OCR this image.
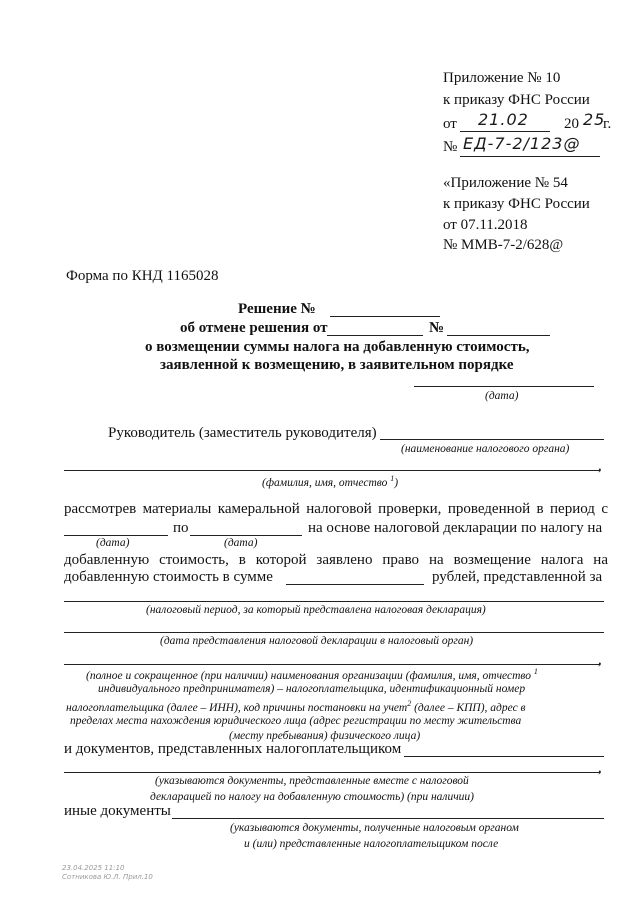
Приложение № 10
к приказу ФНС России
от 21.02 20 25
г.
№ ЕД-7-2/123@
«Приложение № 54
к приказу ФНС России
от 07.11.2018
№ ММВ-7-2/628@
Форма по КНД 1165028
Решение №
об отмене решения от	№
о возмещении суммы налога на добавленную стоимость,
заявленной к возмещению, в заявительном порядке
(дата)
Руководитель (заместитель руководителя)
(наименование налогового органа)
,
(фамилия, имя, отчество $^1$)
рассмотрев материалы камеральной налоговой проверки, проведенной в период с
по	на основе налоговой декларации по налогу на
(дата)	(дата)
добавленную стоимость, в которой заявлено право на возмещение налога на
добавленную стоимость в сумме	рублей, представленной за
(налоговый период, за который представлена налоговая декларация)
(дата представления налоговой декларации в налоговый орган)
,
(полное и сокращенное (при наличии) наименования организации (фамилия, имя, отчество $^1$
индивидуального предпринимателя) – налогоплательщика, идентификационный номер
налогоплательщика (далее – ИНН), код причины постановки на учет$^2$ (далее – КПП), адрес в
пределах места нахождения юридического лица (адрес регистрации по месту жительства
(месту пребывания) физического лица)
и документов, представленных налогоплательщиком
,
(указываются документы, представленные вместе с налоговой
декларацией по налогу на добавленную стоимость) (при наличии)
иные документы
(указываются документы, полученные налоговым органом
и (или) представленные налогоплательщиком после
23.04.2025 11:10
Сотникова Ю.Л. Прил.10
